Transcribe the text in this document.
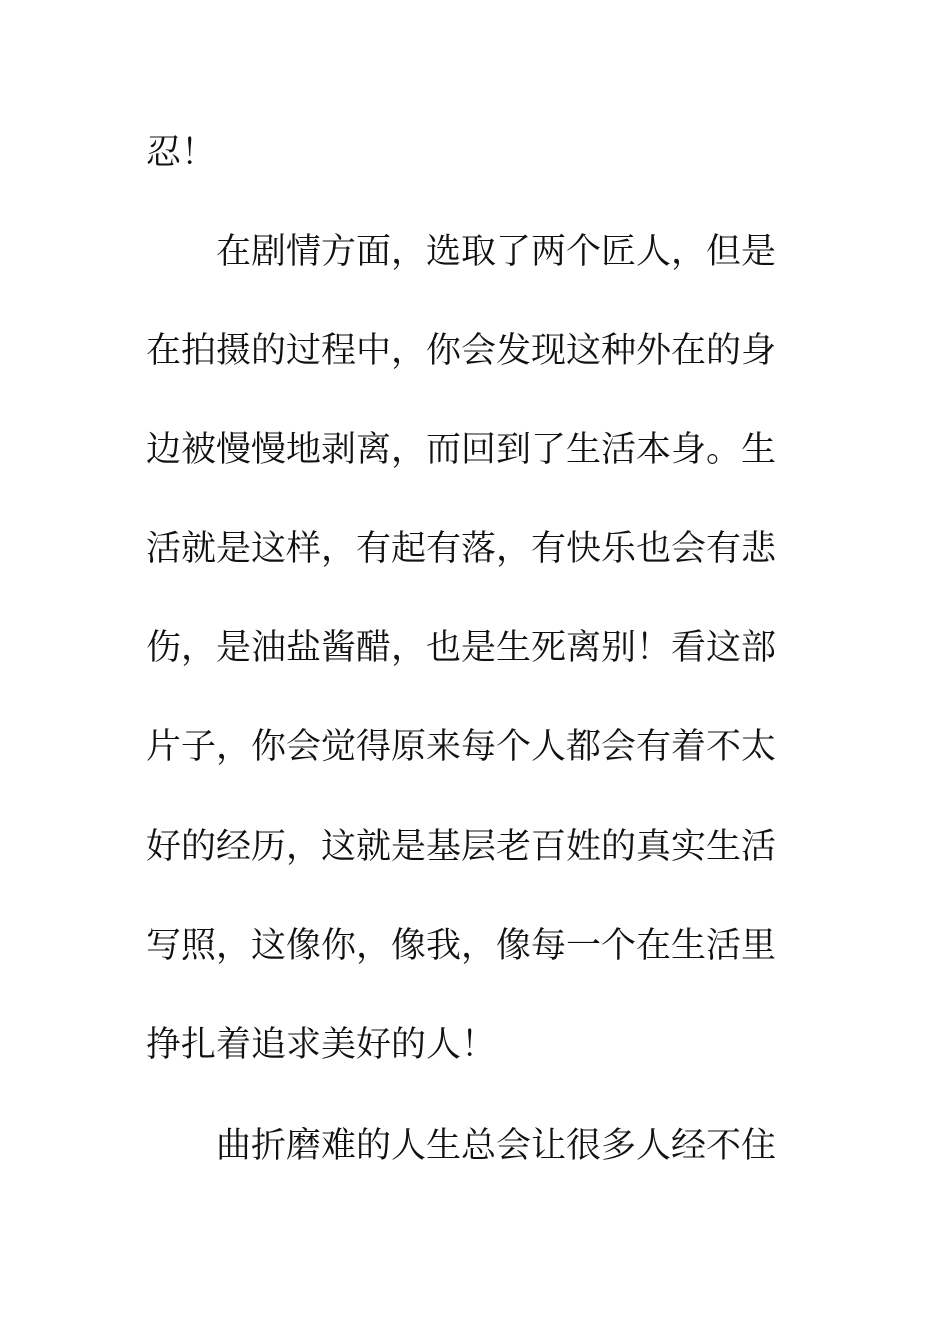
忍！
在剧情方面，选取了两个匠人，但是
在拍摄的过程中，你会发现这种外在的身
边被慢慢地剥离，而回到了生活本身。生
活就是这样，有起有落，有快乐也会有悲
伤，是油盐酱醋，也是生死离别！看这部
片子，你会觉得原来每个人都会有着不太
好的经历，这就是基层老百姓的真实生活
写照，这像你，像我，像每一个在生活里
挣扎着追求美好的人！
曲折磨难的人生总会让很多人经不住
